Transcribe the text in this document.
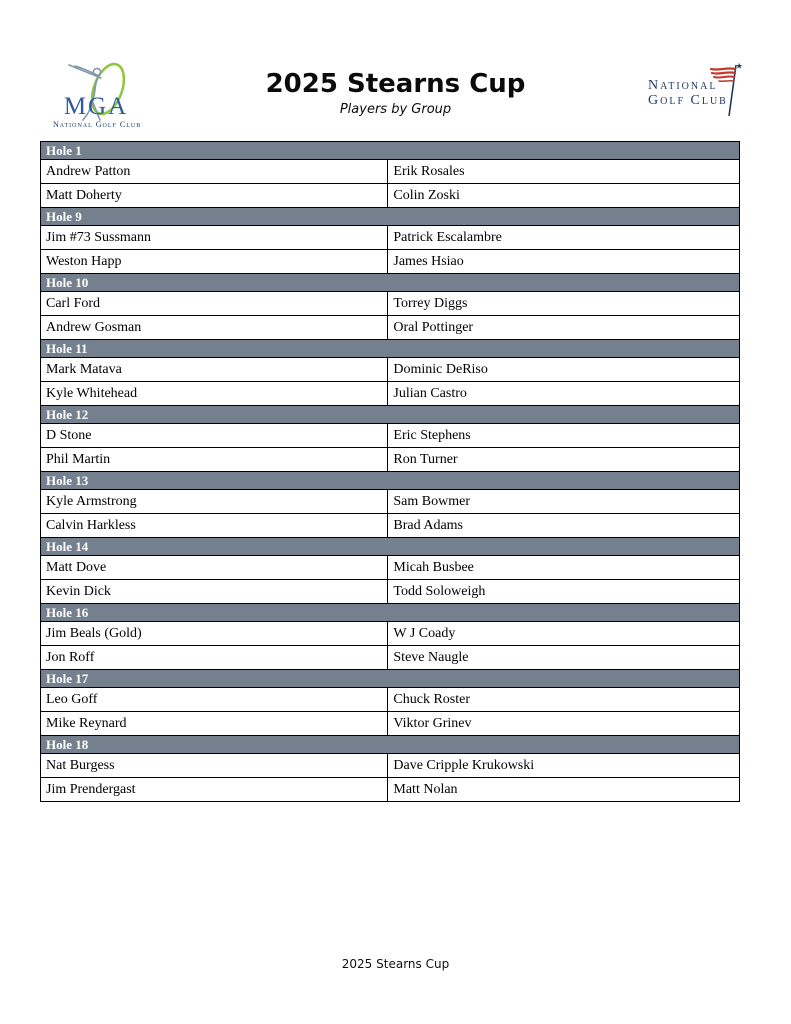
MGA
National Golf Club
2025 Stearns Cup
Players by Group
National
Golf Club
Hole 1	
Andrew Patton	Erik Rosales
Matt Doherty	Colin Zoski
Hole 9	
Jim #73 Sussmann	Patrick Escalambre
Weston Happ	James Hsiao
Hole 10	
Carl Ford	Torrey Diggs
Andrew Gosman	Oral Pottinger
Hole 11	
Mark Matava	Dominic DeRiso
Kyle Whitehead	Julian Castro
Hole 12	
D Stone	Eric Stephens
Phil Martin	Ron Turner
Hole 13	
Kyle Armstrong	Sam Bowmer
Calvin Harkless	Brad Adams
Hole 14	
Matt Dove	Micah Busbee
Kevin Dick	Todd Soloweigh
Hole 16	
Jim Beals (Gold)	W J Coady
Jon Roff	Steve Naugle
Hole 17	
Leo Goff	Chuck Roster
Mike Reynard	Viktor Grinev
Hole 18	
Nat Burgess	Dave Cripple Krukowski
Jim Prendergast	Matt Nolan
2025 Stearns Cup
